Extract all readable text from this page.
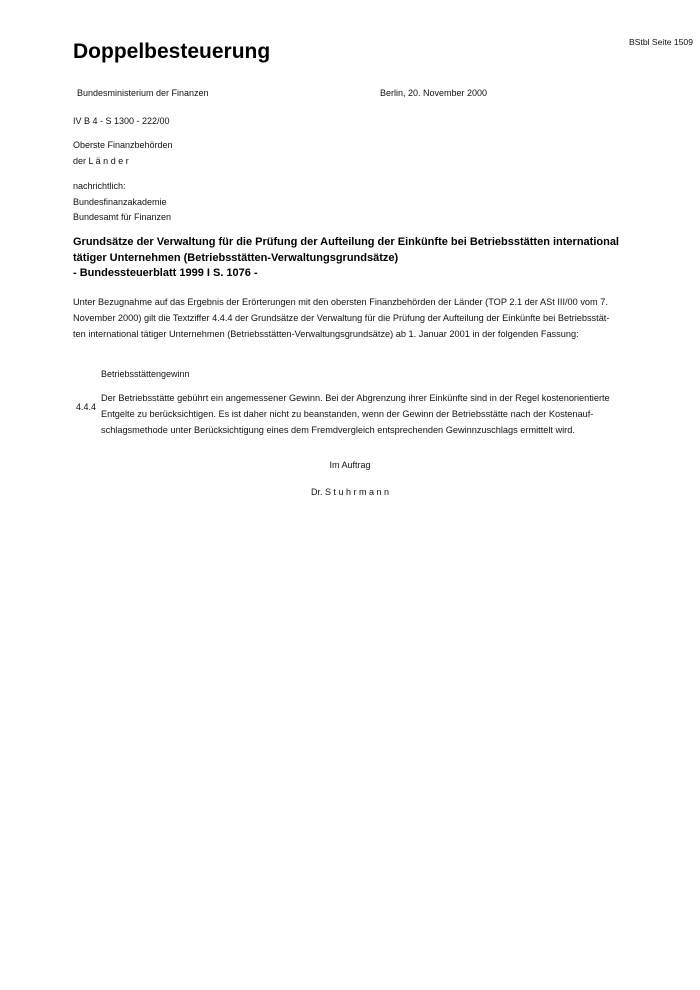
Doppelbesteuerung	BStbl Seite 1509
Bundesministerium der Finanzen	Berlin, 20. November 2000
IV B 4 - S 1300 - 222/00
Oberste Finanzbehörden
der L ä n d e r
nachrichtlich:
Bundesfinanzakademie
Bundesamt für Finanzen
Grundsätze der Verwaltung für die Prüfung der Aufteilung der Einkünfte bei Betriebsstätten international
tätiger Unternehmen (Betriebsstätten-Verwaltungsgrundsätze)
- Bundessteuerblatt 1999 I S. 1076 -
Unter Bezugnahme auf das Ergebnis der Erörterungen mit den obersten Finanzbehörden der Länder (TOP 2.1 der ASt III/00 vom 7.
November 2000) gilt die Textziffer 4.4.4 der Grundsätze der Verwaltung für die Prüfung der Aufteilung der Einkünfte bei Betriebsstät-
ten international tätiger Unternehmen (Betriebsstätten-Verwaltungsgrundsätze) ab 1. Januar 2001 in der folgenden Fassung:
Betriebsstättengewinn
4.4.4
Der Betriebsstätte gebührt ein angemessener Gewinn. Bei der Abgrenzung ihrer Einkünfte sind in der Regel kostenorientierte
Entgelte zu berücksichtigen. Es ist daher nicht zu beanstanden, wenn der Gewinn der Betriebsstätte nach der Kostenauf-
schlagsmethode unter Berücksichtigung eines dem Fremdvergleich entsprechenden Gewinnzuschlags ermittelt wird.
Im Auftrag
Dr. S t u h r m a n n
